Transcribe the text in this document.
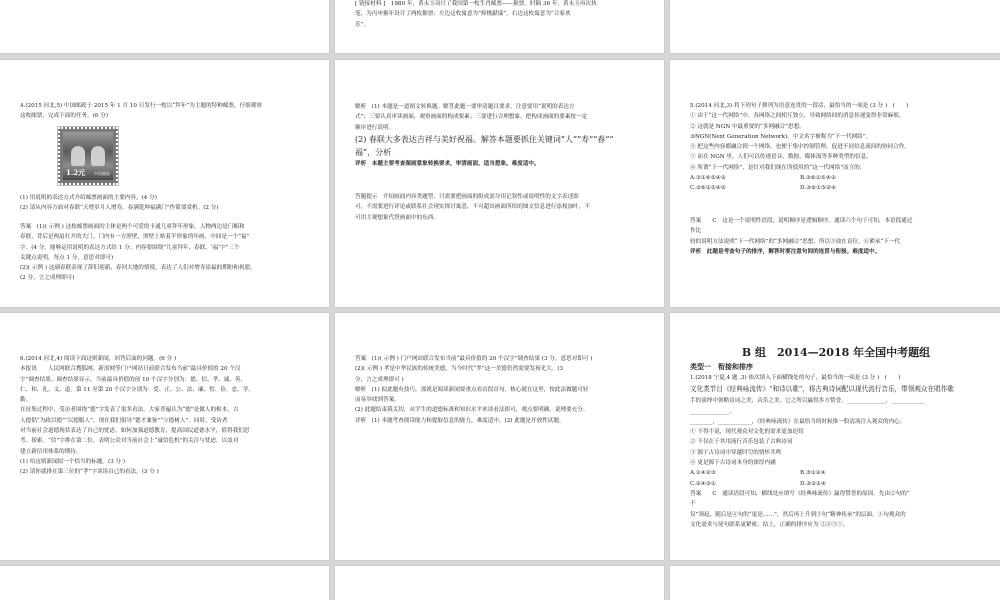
[ 链接材料 ]　1980 年，黄永玉设计了我国第一枚生肖邮票——猴票。时隔 36 年，黄永玉再次执

笔，为丙申猴年设计了两枚猴票：左边这枚寓意为“捧桃献瑞”，右边这枚寓意为“合家欢

乐”。

4.(2015 河北,5) 中国邮政于 2015 年 1 月 10 日发行一枚以“拜年”为主题的特种邮票。仔细观察

这枚邮票，完成下面的任务。(6 分)

1.2元 中国邮政

(1) 用说明的表达方式介绍邮票画面的主要内容。(4 分)

(2) 请从内容方面对春联“天增岁月人增寿，春满乾坤福满门”作简要赏析。(2 分)

答案　(1)( 示例 ) 这枚邮票画面的主体是两个可爱的卡通儿童拜年形象。人物两边是门楣和

春联，背后是两扇打开的大门。门内有一方照壁，照壁上贴着半形象的年画，中间是一个“福”

字。(4 分，能够运用说明的表达方式给 1 分；内容要围绕“儿童拜年、春联、‘福’字”三个

关键点说明，每点 1 分，意思对即可)

(2)( 示例 ) 这副春联表现了辞旧迎新、春回大地的情境，表达了人们对增寿添福的期盼和祝愿。

(2 分，言之成理即可)

解析　(1) 本题是一道图文转换题。解答此题一要审清题目要求，注意要用“说明的表达方

式”；三要认真审读画面，观察画面的构成要素；三要进行合理想象，把构成画面的要素按一定

顺序进行说明。

(2) 春联大多表达吉祥与美好祝福。解答本题要抓住关键词“人”“寿”“春”“

福”，分析

评析　本题主要考查图画意象转换要求，审清画面，适当想象。难度适中。

答题提示　介绍画面内容类题型，只需要把画面的组成部分用记叙性或说明性的文字表述即

可，不需要进行评论或联系社会现实探讨寓意，不可超出画面所给的图文信息进行添枝加叶，不

可用主观想象代替画面中的东西。

5.(2014 河北,3) 将下列句子排列为语意连贯的一段话，最恰当的一项是 (3 分 )　(　　)

① 由于“这一代网络”中，各网络之间相互独立，导致网络间的消息传递变得非常麻烦。

② 这就是 NGN 中最重要的“多网融合”思想。

③NGN(Next Generation Network)，中文名字被称为“下一代网络”。

④ 把这些内容都融合到一个网络，也便于集中控制管理，促进不同信息流间的协同合作。

⑤ 而在 NGN 里，人们可以传递语音、数据、媒体流等多种类型的信息。

⑥ 所谓“下一代网络”，是针对我们现在所使用的“这一代网络”而言的。

A.③①⑥⑤④②	B.③⑥①⑤④②

C.③⑥①⑤④②	D.③⑥①⑤②④

答案　　C　这是一个说明性语段，说明顺序是逻辑顺序。通读六个句子可知，本语段通过

作比

较的说明方法说明“下一代网络”的“多网融合”思想，所以③放在首位。⑥紧承“下一代

评析　此题是考查句子的排序，解答时要注意句间的连贯与衔接。难度适中。

6.(2014 河北,4) 阅读下面这则新闻，回答后面的问题。(6 分 )

本报讯　　人民网联合搜狐网、新浪网等门户网站日前联合发布当前“最具价值的 20 个汉

字”调查结果。调查结果显示，当前最具价值的前 10 个汉字分别为：德、信、孝、诚、善、

仁、和、礼、义、道。第 11 至第 20 个汉字分别为：爱、正、公、法、廉、智、俭、忠、学、

勤。

在征集过程中，受访者围绕“德”字发表了很多看法。大家普遍认为“德”是做人的根本，古

人提倡“为政以德”“以德服人”，现在我们倡导“德才兼备”“立德树人”。同时，受访者

对当前社会道德现状表达了自己的忧虑，如何加强道德教育，提高国民道德水平，值得我们思

考、探索。“信”字排在第二位，表明公众对当前社会上“诚信危机”的关注与忧虑，以及对

建立新信用体系的期待。

(1) 给这则新闻拟一个恰当的标题。(3 分 )

(2) 请你就排在第三位的“孝”字谈谈自己的看法。(3 分 )

答案　(1)( 示例 ) 门户网站联合发布当前“最具价值的 20 个汉字”调查结果 (3 分，意思对即可 )

(2)( 示例 ) 孝是中华民族的传统美德，当今时代“孝”这一美德仍然需要发扬光大。(3

分，言之成理即可 )

解析　(1) 拟此题有技巧，那就是阅读新闻要重点看首段首句，核心就在这里，按此法做题可轻

而易举找到答案。

(2) 此题结束我关切，从学生的道德标准和知识水平来谈看法即可，观点要明确，说理要充分。

评析　(1) 本题考查阅读能力和提取信息的能力，难度适中。(2) 此题是开放性试题。

B 组　2014—2018 年全国中考题组

类型一　衔接和排序

1.(2018 宁夏,4 题 ,3) 依次填入下面横线处的句子，最恰当的一项是 (3 分 )　(　　)

文化类节目《经典咏流传》“和诗以歌”，将古典诗词配以现代流行音乐，带领观众在唱作歌

手的演绎中领略诗词之美、音乐之美。它之所以赢得多方赞誉，______________，____________

______________。

________，____________，《经典咏流传》在最恰当的时候推一股清流注入观众的内心。

① 不得不说，现代观众对文化的需求更加迫切

② 不仅在于其用流行音乐包装了古典诗词

③ 源于古诗词中穿越时空的情怀共鸣

④ 更是源于古诗词本身的深厚内涵

A.①④②③	B.③①②④

C.②④③①	D.③②①④

答案　　C　通读语段可知，横线处应填写《经典咏流传》赢得赞誉的原因。先由②句的“

不

仅”领起，随后是④句的“更是……”，然后再上升到③句“精神传承”的层面。①句观众的

文化需求与尾句联系更紧密，结上，正确的排序应为 ②④③①。
